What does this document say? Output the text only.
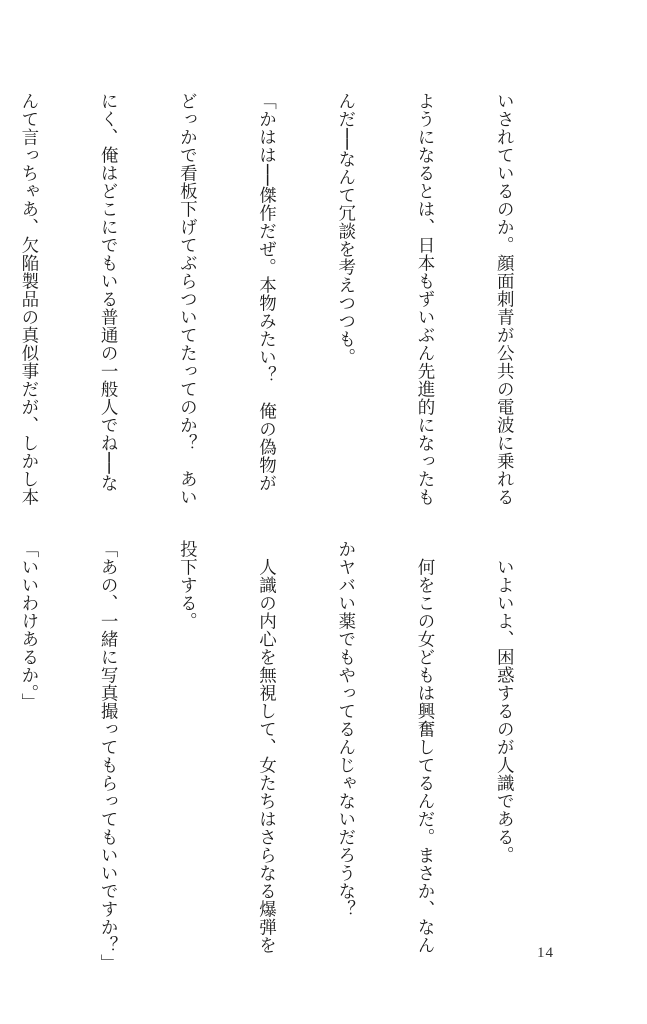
いされているのか。顔面刺青が公共の電波に乗れる

ようになるとは、日本もずいぶん先進的になったも

んだ──なんて冗談を考えつつも。

「かはは──傑作だぜ。本物みたい？　俺の偽物が

どっかで看板下げてぶらついてたってのか？　あい

にく、俺はどこにでもいる普通の一般人でね──な

んて言っちゃあ、欠陥製品の真似事だが、しかし本

　いよいよ、困惑するのが人識である。

　何をこの女どもは興奮してるんだ。まさか、なん

かヤバい薬でもやってるんじゃないだろうな？

　人識の内心を無視して、女たちはさらなる爆弾を

投下する。

「あの、一緒に写真撮ってもらってもいいですか？」

「いいわけあるか。」

14
